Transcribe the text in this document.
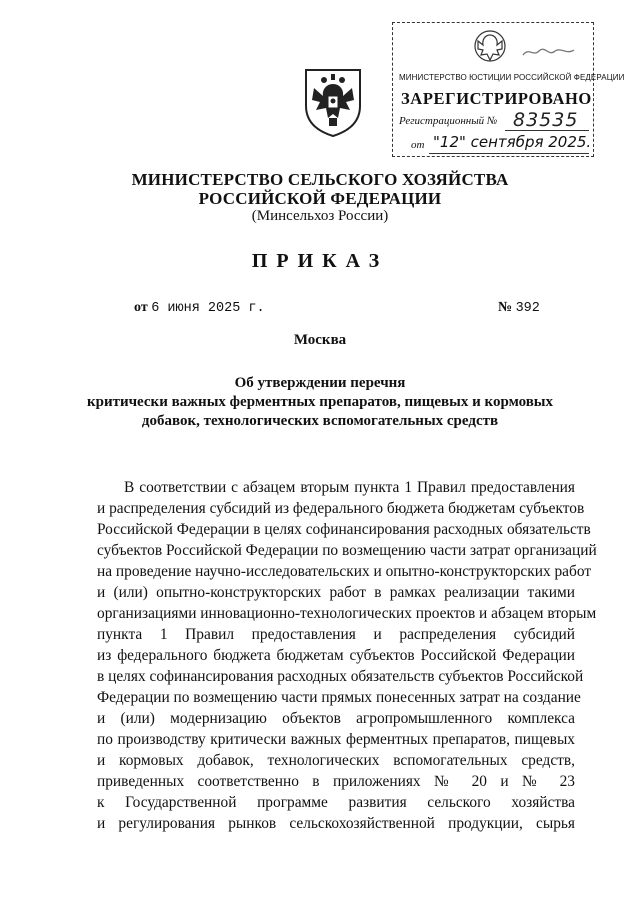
МИНИСТЕРСТВО ЮСТИЦИИ РОССИЙСКОЙ ФЕДЕРАЦИИ
ЗАРЕГИСТРИРОВАНО
Регистрационный № 83535
от "12" сентября 2025.
МИНИСТЕРСТВО СЕЛЬСКОГО ХОЗЯЙСТВА
РОССИЙСКОЙ ФЕДЕРАЦИИ
(Минсельхоз России)
ПРИКАЗ
от 6 июня 2025 г.	№ 392
Москва
Об утверждении перечня
критически важных ферментных препаратов, пищевых и кормовых
добавок, технологических вспомогательных средств
В соответствии с абзацем вторым пункта 1 Правил предоставления
и распределения субсидий из федерального бюджета бюджетам субъектов
Российской Федерации в целях софинансирования расходных обязательств
субъектов Российской Федерации по возмещению части затрат организаций
на проведение научно-исследовательских и опытно-конструкторских работ
и (или) опытно-конструкторских работ в рамках реализации такими
организациями инновационно-технологических проектов и абзацем вторым
пункта 1 Правил предоставления и распределения субсидий
из федерального бюджета бюджетам субъектов Российской Федерации
в целях софинансирования расходных обязательств субъектов Российской
Федерации по возмещению части прямых понесенных затрат на создание
и (или) модернизацию объектов агропромышленного комплекса
по производству критически важных ферментных препаратов, пищевых
и кормовых добавок, технологических вспомогательных средств,
приведенных соответственно в приложениях № 20 и № 23
к Государственной программе развития сельского хозяйства
и регулирования рынков сельскохозяйственной продукции, сырья
